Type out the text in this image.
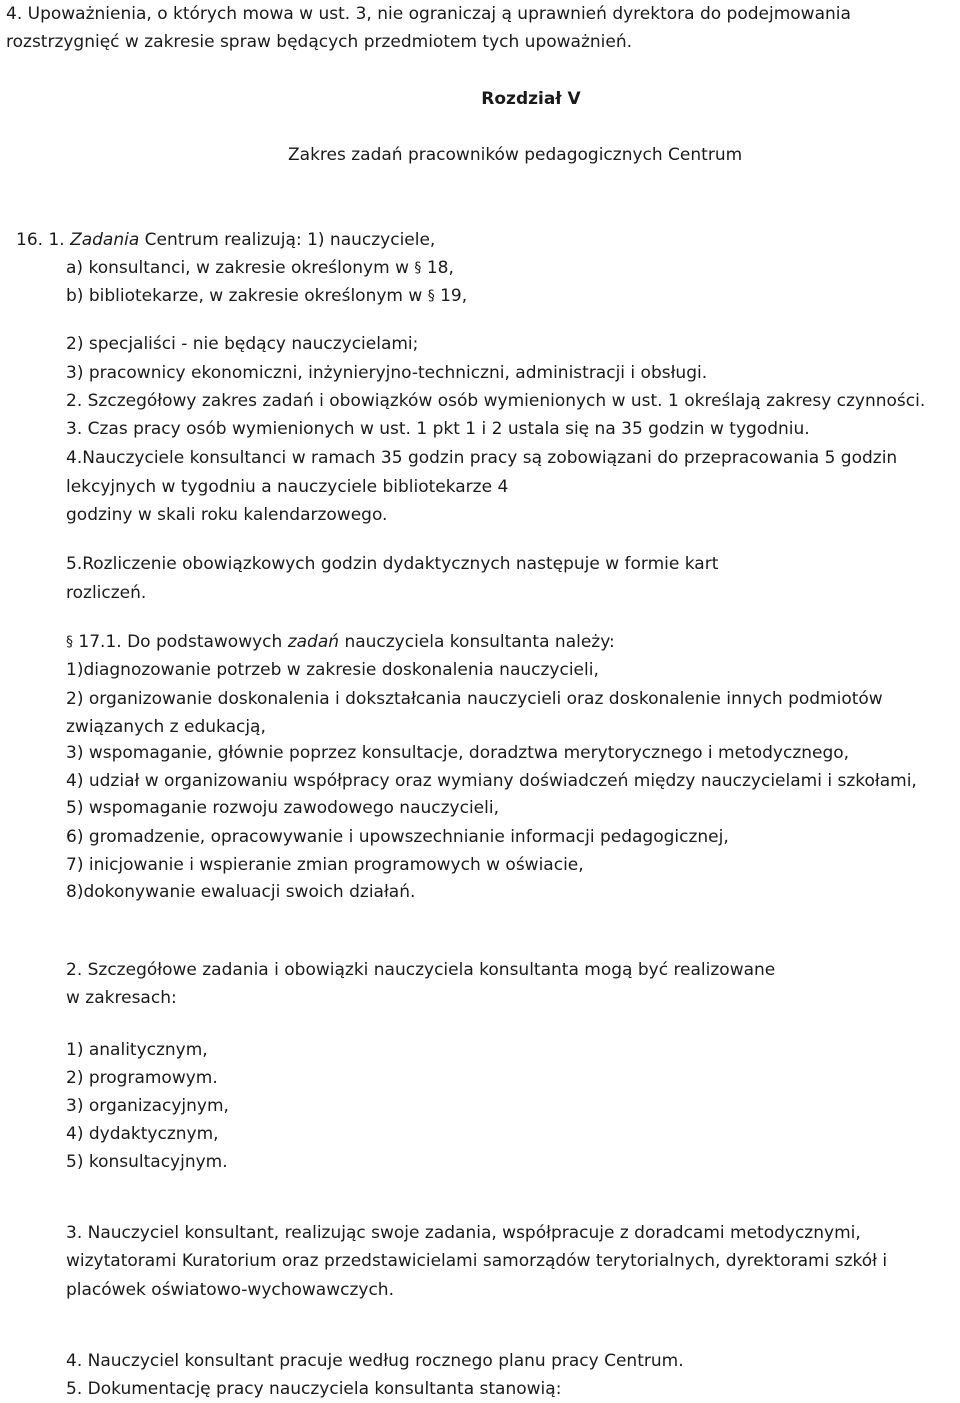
4. Upoważnienia, o których mowa w ust. 3, nie ograniczaj ą uprawnień dyrektora do podejmowania
rozstrzygnięć w zakresie spraw będących przedmiotem tych upoważnień.
Rozdział V
Zakres zadań pracowników pedagogicznych Centrum
16. 1. Zadania Centrum realizują: 1) nauczyciele,
a) konsultanci, w zakresie określonym w § 18,
b) bibliotekarze, w zakresie określonym w § 19,
2) specjaliści - nie będący nauczycielami;
3) pracownicy ekonomiczni, inżynieryjno-techniczni, administracji i obsługi.
2. Szczegółowy zakres zadań i obowiązków osób wymienionych w ust. 1 określają zakresy czynności.
3. Czas pracy osób wymienionych w ust. 1 pkt 1 i 2 ustala się na 35 godzin w tygodniu.
4.Nauczyciele konsultanci w ramach 35 godzin pracy są zobowiązani do przepracowania 5 godzin
lekcyjnych w tygodniu a nauczyciele bibliotekarze 4
godziny w skali roku kalendarzowego.
5.Rozliczenie obowiązkowych godzin dydaktycznych następuje w formie kart
rozliczeń.
§ 17.1. Do podstawowych zadań nauczyciela konsultanta należy:
1)diagnozowanie potrzeb w zakresie doskonalenia nauczycieli,
2) organizowanie doskonalenia i dokształcania nauczycieli oraz doskonalenie innych podmiotów
związanych z edukacją,
3) wspomaganie, głównie poprzez konsultacje, doradztwa merytorycznego i metodycznego,
4) udział w organizowaniu współpracy oraz wymiany doświadczeń między nauczycielami i szkołami,
5) wspomaganie rozwoju zawodowego nauczycieli,
6) gromadzenie, opracowywanie i upowszechnianie informacji pedagogicznej,
7) inicjowanie i wspieranie zmian programowych w oświacie,
8)dokonywanie ewaluacji swoich działań.
2. Szczegółowe zadania i obowiązki nauczyciela konsultanta mogą być realizowane
w zakresach:
1) analitycznym,
2) programowym.
3) organizacyjnym,
4) dydaktycznym,
5) konsultacyjnym.
3. Nauczyciel konsultant, realizując swoje zadania, współpracuje z doradcami metodycznymi,
wizytatorami Kuratorium oraz przedstawicielami samorządów terytorialnych, dyrektorami szkół i
placówek oświatowo-wychowawczych.
4. Nauczyciel konsultant pracuje według rocznego planu pracy Centrum.
5. Dokumentację pracy nauczyciela konsultanta stanowią:
